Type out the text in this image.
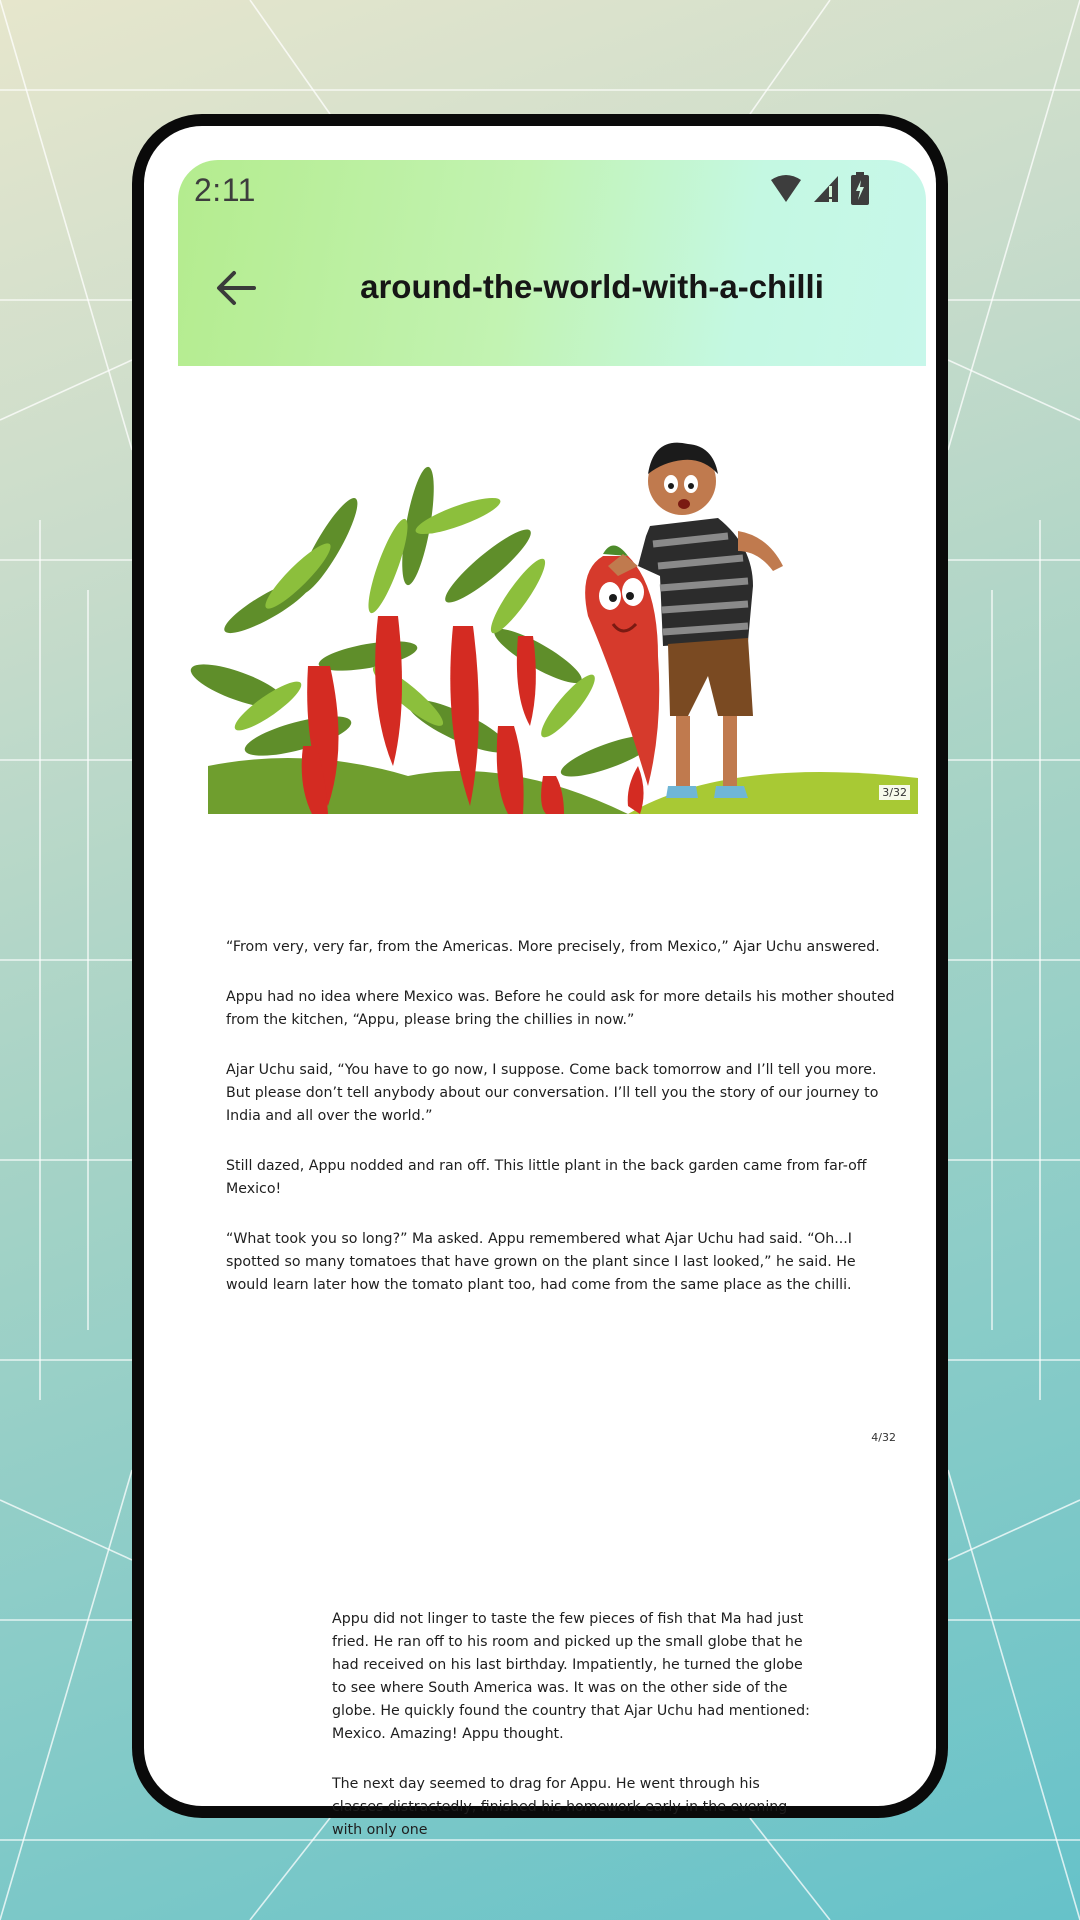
2:11
around-the-world-with-a-chilli
3/32

“From very, very far, from the Americas. More precisely, from Mexico,” Ajar Uchu answered.

Appu had no idea where Mexico was. Before he could ask for more details his mother shouted from the kitchen, “Appu, please bring the chillies in now.”

Ajar Uchu said, “You have to go now, I suppose. Come back tomorrow and I’ll tell you more. But please don’t tell anybody about our conversation. I’ll tell you the story of our journey to India and all over the world.”

Still dazed, Appu nodded and ran off. This little plant in the back garden came from far-off Mexico!

“What took you so long?” Ma asked. Appu remembered what Ajar Uchu had said. “Oh...I spotted so many tomatoes that have grown on the plant since I last looked,” he said. He would learn later how the tomato plant too, had come from the same place as the chilli.

4/32

Appu did not linger to taste the few pieces of fish that Ma had just fried. He ran off to his room and picked up the small globe that he had received on his last birthday. Impatiently, he turned the globe to see where South America was. It was on the other side of the globe. He quickly found the country that Ajar Uchu had mentioned: Mexico. Amazing! Appu thought.

The next day seemed to drag for Appu. He went through his classes distractedly, finished his homework early in the evening with only one
